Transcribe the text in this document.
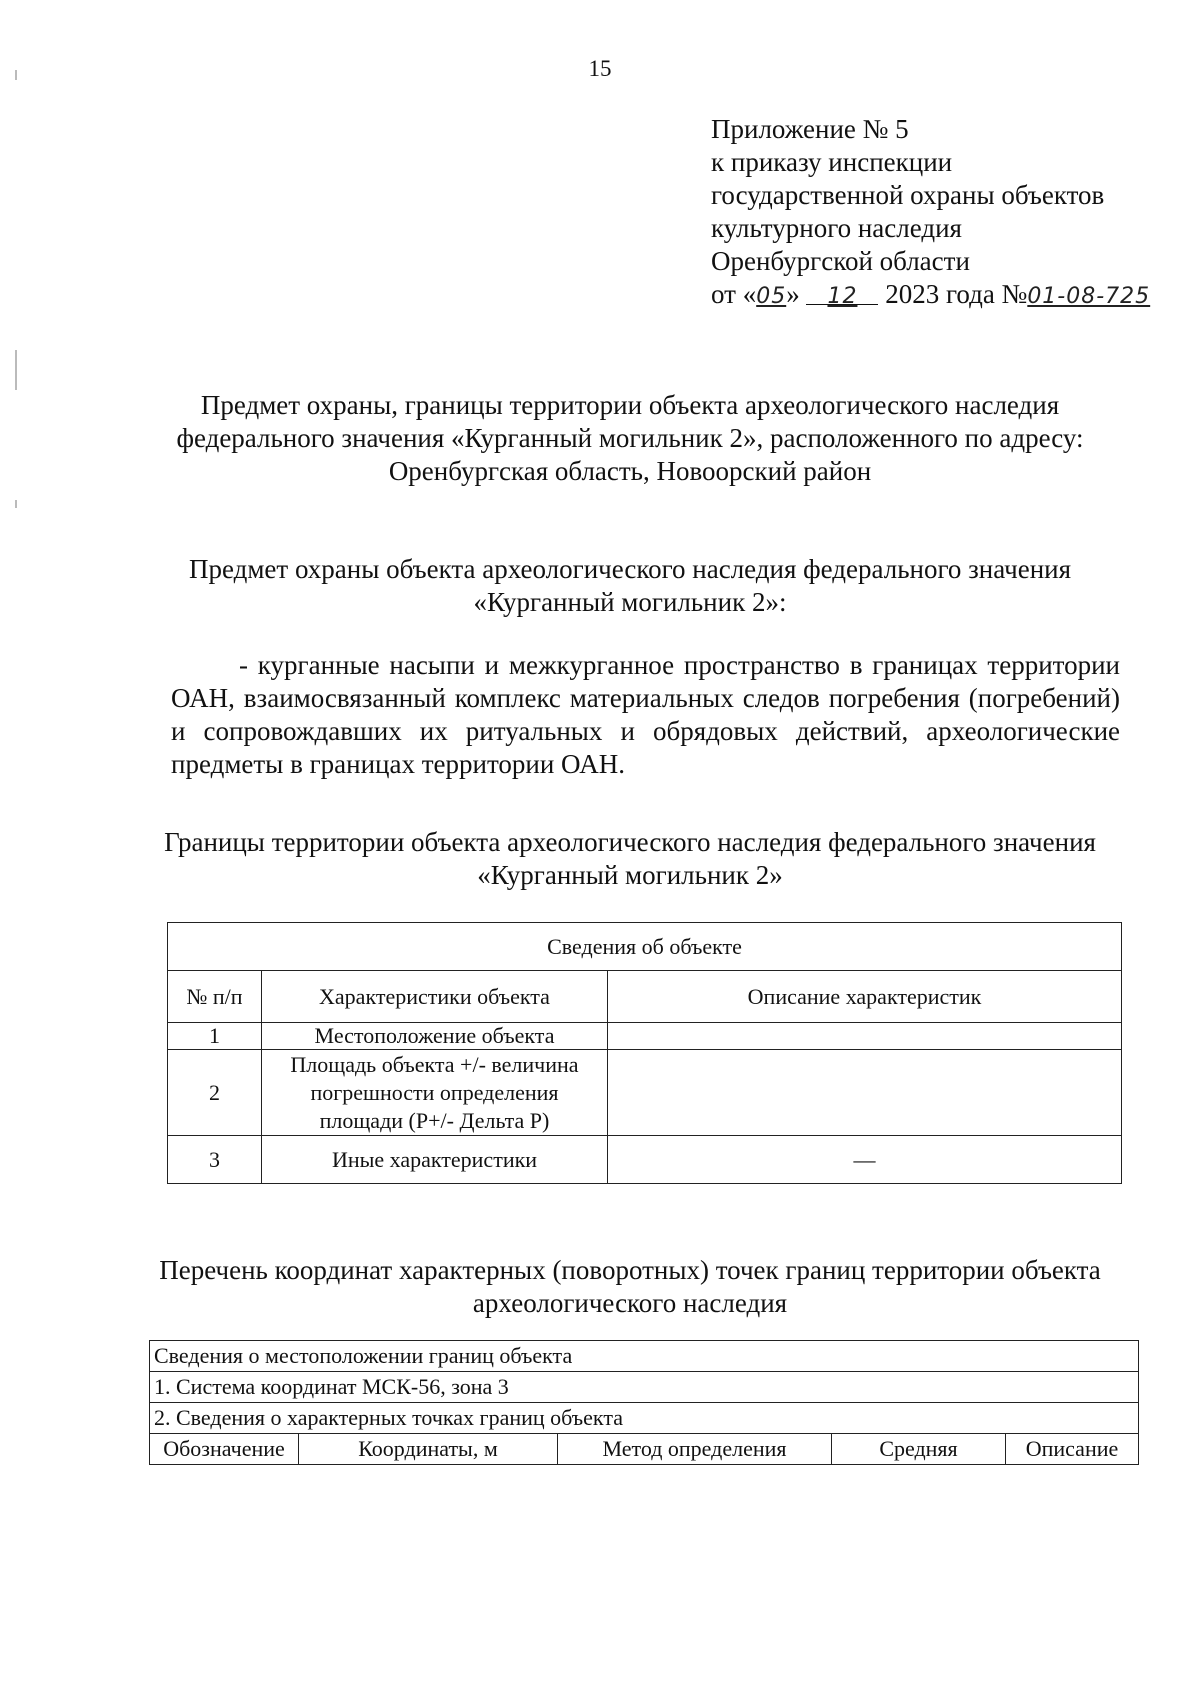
15
Приложение № 5
к приказу инспекции
государственной охраны объектов
культурного наследия
Оренбургской области
от «05» 12 2023 года №01-08-725
Предмет охраны, границы территории объекта археологического наследия федерального значения «Курганный могильник 2», расположенного по адресу: Оренбургская область, Новоорский район
Предмет охраны объекта археологического наследия федерального значения «Курганный могильник 2»:
- курганные насыпи и межкурганное пространство в границах территории ОАН, взаимосвязанный комплекс материальных следов погребения (погребений) и сопровождавших их ритуальных и обрядовых действий, археологические предметы в границах территории ОАН.
Границы территории объекта археологического наследия федерального значения «Курганный могильник 2»
Сведения об объекте		
№ п/п	Характеристики объекта	Описание характеристик
1	Местоположение объекта	
2	Площадь объекта +/- величина погрешности определения площади (Р+/- Дельта Р)	
3	Иные характеристики	—
Перечень координат характерных (поворотных) точек границ территории объекта археологического наследия
Сведения о местоположении границ объекта
1. Система координат МСК-56, зона 3
2. Сведения о характерных точках границ объекта
Обозначение	Координаты, м	Метод определения	Средняя	Описание
